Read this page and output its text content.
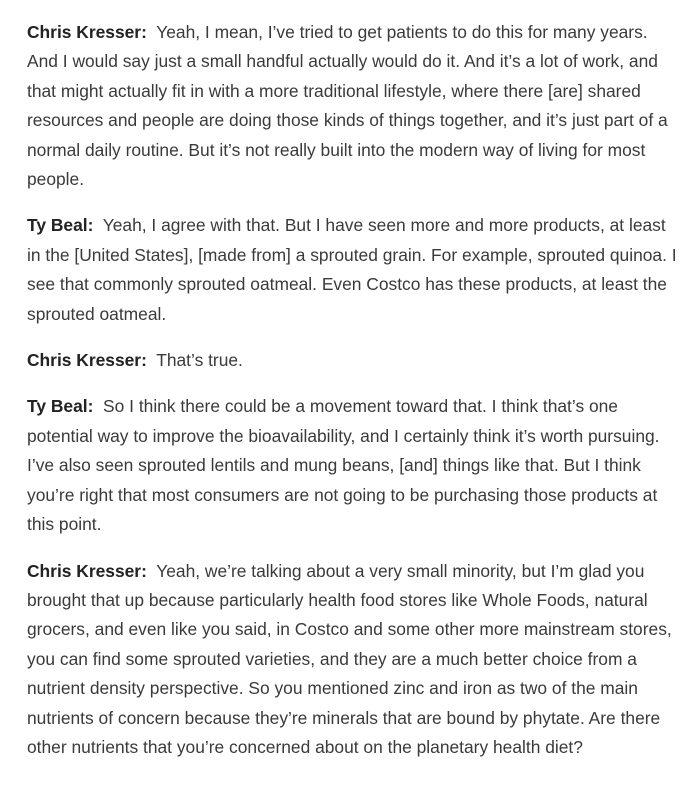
Chris Kresser: Yeah, I mean, I’ve tried to get patients to do this for many years. And I would say just a small handful actually would do it. And it’s a lot of work, and that might actually fit in with a more traditional lifestyle, where there [are] shared resources and people are doing those kinds of things together, and it’s just part of a normal daily routine. But it’s not really built into the modern way of living for most people.

Ty Beal: Yeah, I agree with that. But I have seen more and more products, at least in the [United States], [made from] a sprouted grain. For example, sprouted quinoa. I see that commonly sprouted oatmeal. Even Costco has these products, at least the sprouted oatmeal.

Chris Kresser: That’s true.

Ty Beal: So I think there could be a movement toward that. I think that’s one potential way to improve the bioavailability, and I certainly think it’s worth pursuing. I’ve also seen sprouted lentils and mung beans, [and] things like that. But I think you’re right that most consumers are not going to be purchasing those products at this point.

Chris Kresser: Yeah, we’re talking about a very small minority, but I’m glad you brought that up because particularly health food stores like Whole Foods, natural grocers, and even like you said, in Costco and some other more mainstream stores, you can find some sprouted varieties, and they are a much better choice from a nutrient density perspective. So you mentioned zinc and iron as two of the main nutrients of concern because they’re minerals that are bound by phytate. Are there other nutrients that you’re concerned about on the planetary health diet?
